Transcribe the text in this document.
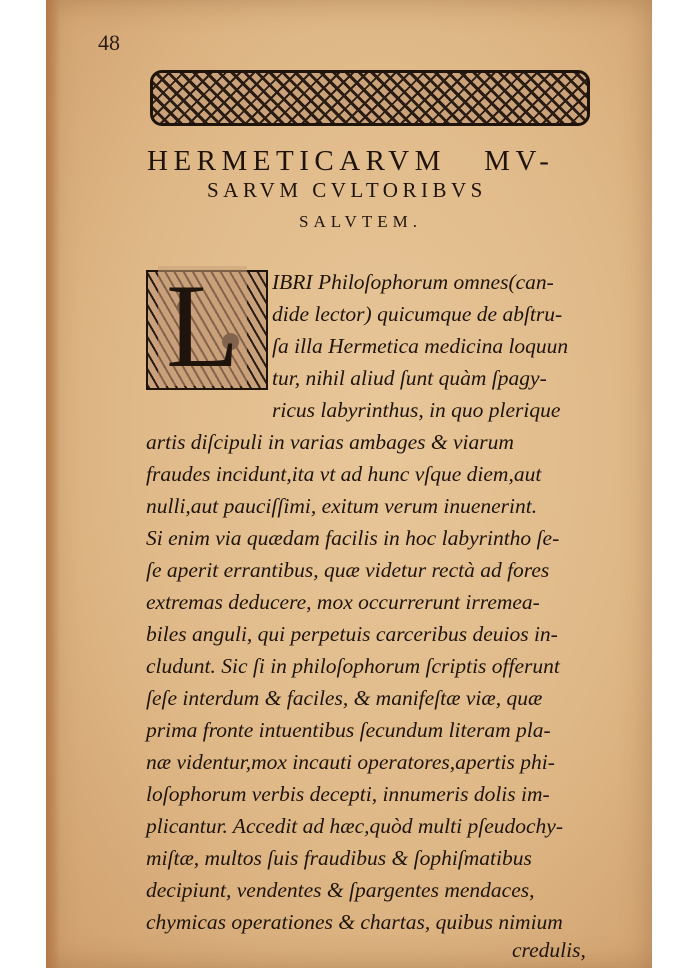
48
HERMETICARVM   MV-
SARVM CVLTORIBVS
SALVTEM.
L	IBRI Philoſophorum omnes(can-
dide lector) quicumque de abſtru-
ſa illa Hermetica medicina loquun
tur, nihil aliud ſunt quàm ſpagy-
ricus labyrinthus, in quo plerique
artis diſcipuli in varias ambages & viarum
fraudes incidunt,ita vt ad hunc vſque diem,aut
nulli,aut pauciſſimi, exitum verum inuenerint.
Si enim via quædam facilis in hoc labyrintho ſe-
ſe aperit errantibus, quæ videtur rectà ad fores
extremas deducere, mox occurrerunt irremea-
biles anguli, qui perpetuis carceribus deuios in-
cludunt. Sic ſi in philoſophorum ſcriptis offerunt
ſeſe interdum & faciles, & manifeſtæ viæ, quæ
prima fronte intuentibus ſecundum literam pla-
næ videntur,mox incauti operatores,apertis phi-
loſophorum verbis decepti, innumeris dolis im-
plicantur. Accedit ad hæc,quòd multi pſeudochy-
miſtæ, multos ſuis fraudibus & ſophiſmatibus
decipiunt, vendentes & ſpargentes mendaces,
chymicas operationes & chartas, quibus nimium
credulis,
